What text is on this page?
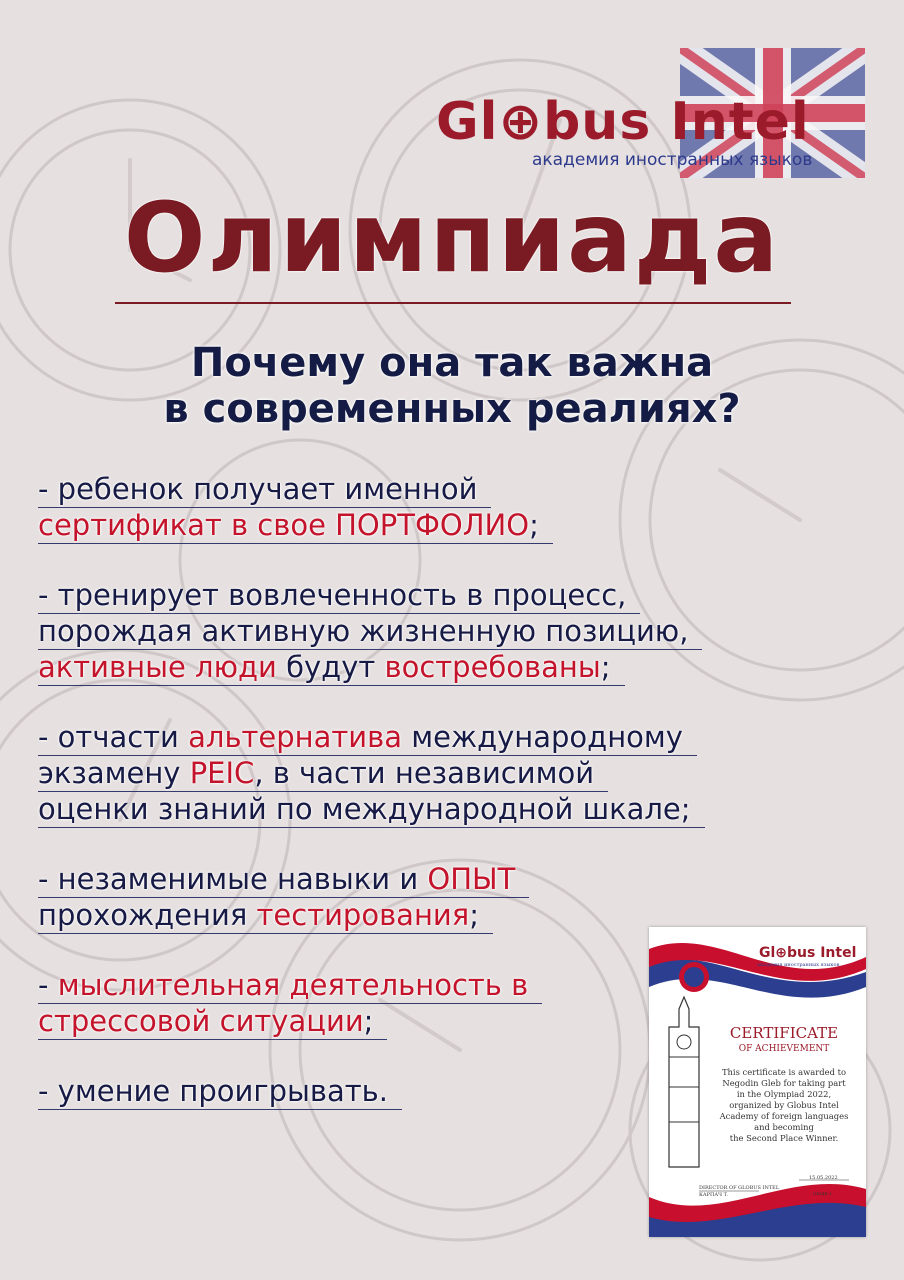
Gl⊕bus Intel
академия иностранных языков
Олимпиада
Почему она так важна
в современных реалиях?
- ребенок получает именной
сертификат в свое ПОРТФОЛИО;
- тренирует вовлеченность в процесс,
порождая активную жизненную позицию,
активные люди будут востребованы;
- отчасти альтернатива международному
экзамену PEIC, в части независимой
оценки знаний по международной шкале;
- незаменимые навыки и ОПЫТ
прохождения тестирования;
- мыслительная деятельность в
стрессовой ситуации;
- умение проигрывать.
Gl⊕bus Intel
академия иностранных языков
CERTIFICATE
OF ACHIEVEMENT
This certificate is awarded to
Negodin Gleb for taking part
in the Olympiad 2022,
organized by Globus Intel
Academy of foreign languages
and becoming
the Second Place Winner.
15.05.2022
DIRECTOR OF GLOBUS INTEL
КАРПАЧ Т.	(подп.)
